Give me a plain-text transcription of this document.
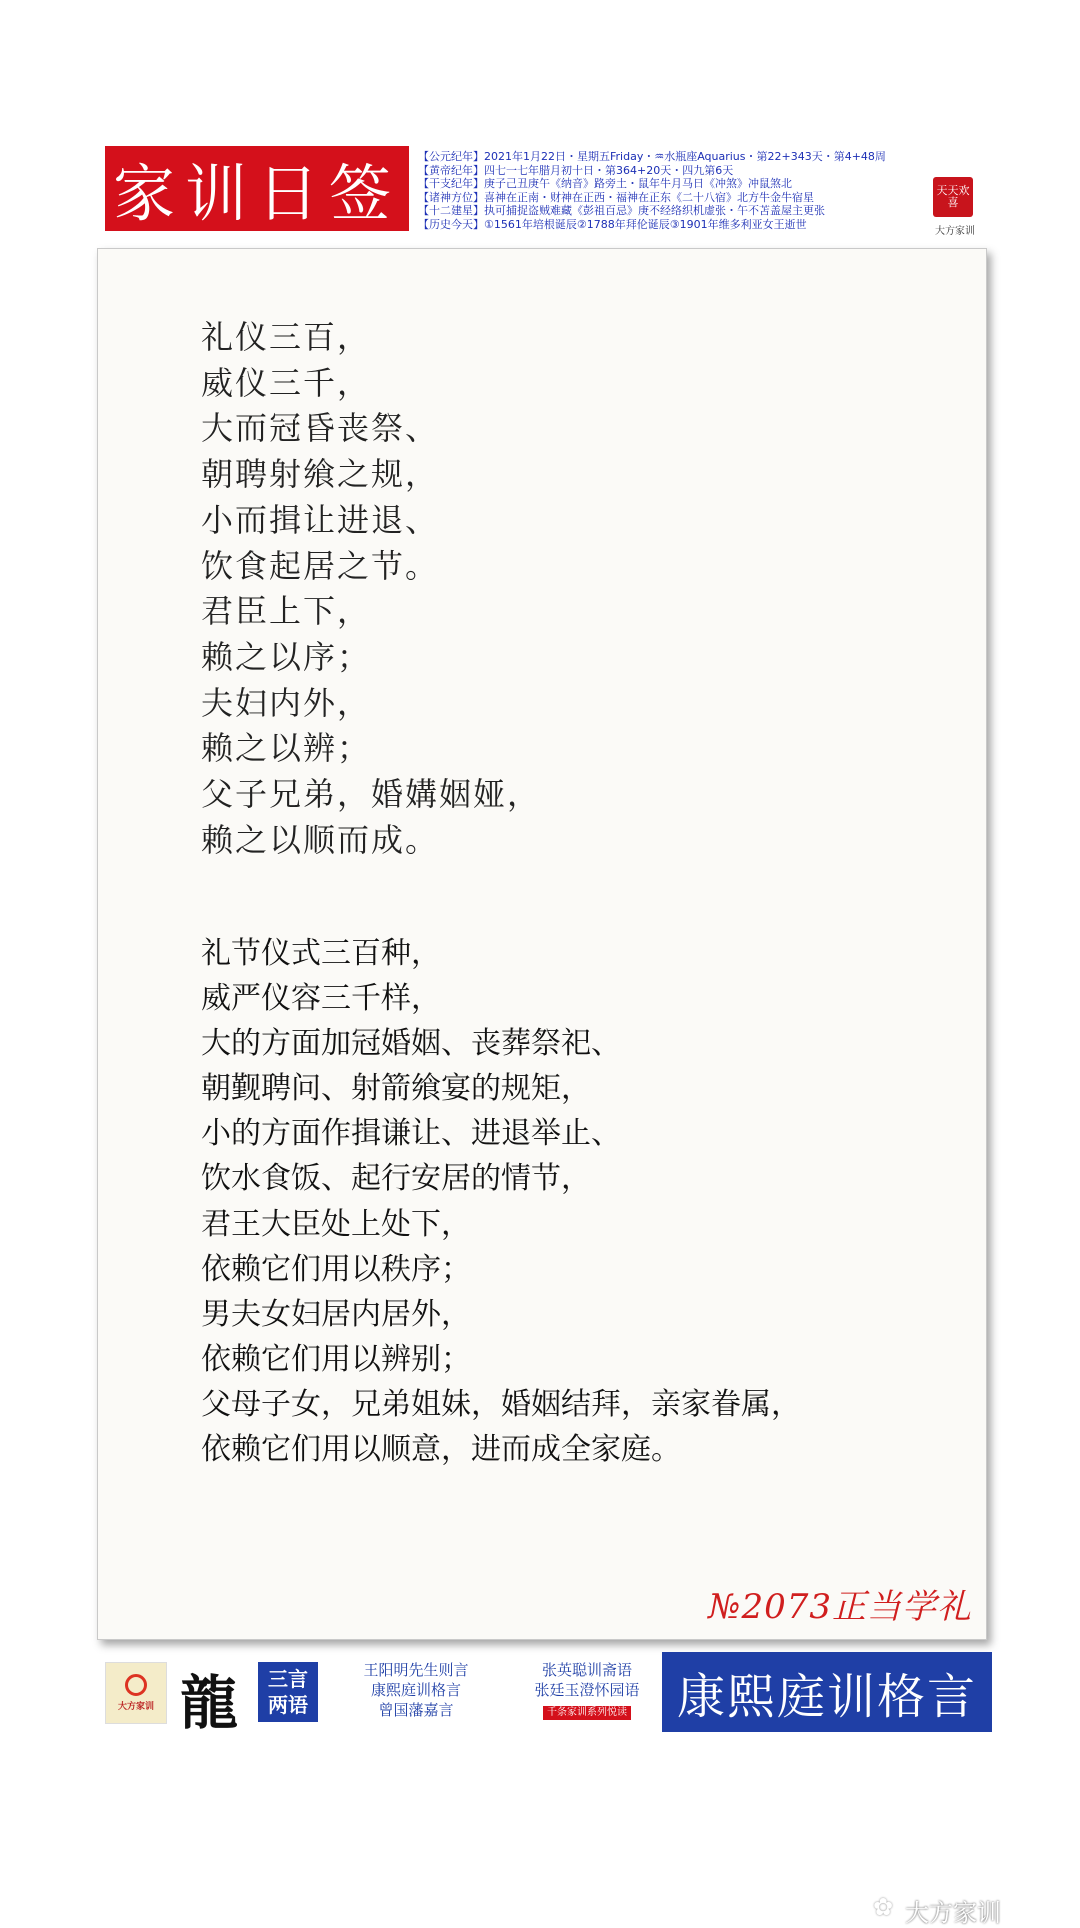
家训日签
【公元纪年】2021年1月22日・星期五Friday・♒水瓶座Aquarius・第22+343天・第4+48周
【黄帝纪年】四七一七年腊月初十日・第364+20天・四九第6天
【干支纪年】庚子己丑庚午《纳音》路旁土・鼠年牛月马日《冲煞》冲鼠煞北
【诸神方位】喜神在正南・财神在正西・福神在正东《二十八宿》北方牛金牛宿星
【十二建星】执可捕捉盗贼难藏《彭祖百忌》庚不经络织机虚张・午不苫盖屋主更张
【历史今天】①1561年培根诞辰②1788年拜伦诞辰③1901年维多利亚女王逝世
天天欢喜
大方家训
礼仪三百，
威仪三千，
大而冠昏丧祭、
朝聘射飨之规，
小而揖让进退、
饮食起居之节。
君臣上下，
赖之以序；
夫妇内外，
赖之以辨；
父子兄弟，婚媾姻娅，
赖之以顺而成。
礼节仪式三百种，
威严仪容三千样，
大的方面加冠婚姻、丧葬祭祀、
朝觐聘问、射箭飨宴的规矩，
小的方面作揖谦让、进退举止、
饮水食饭、起行安居的情节，
君王大臣处上处下，
依赖它们用以秩序；
男夫女妇居内居外，
依赖它们用以辨别；
父母子女，兄弟姐妹，婚姻结拜，亲家眷属，
依赖它们用以顺意，进而成全家庭。
№2073正当学礼
大方家训 龍	三言
两语
王阳明先生则言
康熙庭训格言
曾国藩嘉言
张英聪训斋语
张廷玉澄怀园语
千条家训系列悦读	康熙庭训格言
✿ 大方家训
